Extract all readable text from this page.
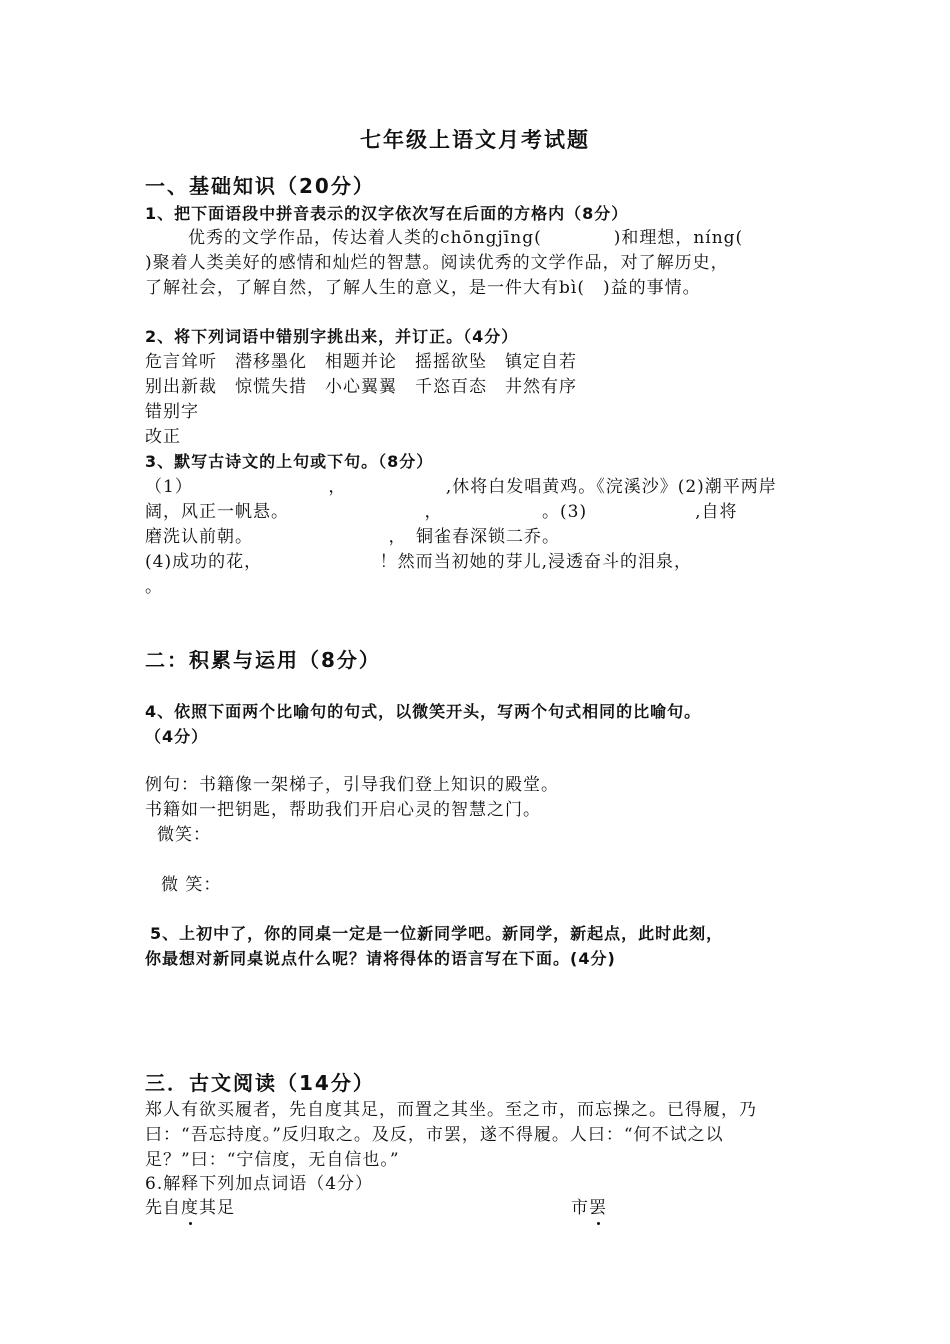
七年级上语文月考试题
一、基础知识（20分）
1、把下面语段中拼音表示的汉字依次写在后面的方格内（8分）
优秀的文学作品，传达着人类的chōngjīng(　　　　)和理想，níng(
)聚着人类美好的感情和灿烂的智慧。阅读优秀的文学作品，对了解历史，
了解社会，了解自然，了解人生的意义，是一件大有bì(　)益的事情。
2、将下列词语中错别字挑出来，并订正。（4分）
危言耸听　潜移墨化　相题并论　摇摇欲坠　镇定自若
别出新裁　惊慌失措　小心翼翼　千恣百态　井然有序
错别字
改正
3、默写古诗文的上句或下句。（8分）
（1）　　　　　　　　，　　　　　　,休将白发唱黄鸡。《浣溪沙》(2)潮平两岸
阔，风正一帆悬。　　　　　　　　，　　　　　　。(3)　　　　　　,自将
磨洗认前朝。　　　　　　　　，　铜雀春深锁二乔。
(4)成功的花，　　　　　　　！然而当初她的芽儿,浸透奋斗的泪泉，
。
二：积累与运用（8分）
4、依照下面两个比喻句的句式，以微笑开头，写两个句式相同的比喻句。
（4分）
例句：书籍像一架梯子，引导我们登上知识的殿堂。
书籍如一把钥匙，帮助我们开启心灵的智慧之门。
微笑：
微 笑：
5、上初中了，你的同桌一定是一位新同学吧。新同学，新起点，此时此刻，
你最想对新同桌说点什么呢？请将得体的语言写在下面。(4分)
三．古文阅读（14分）
郑人有欲买履者，先自度其足，而置之其坐。至之市，而忘操之。已得履，乃
曰：“吾忘持度。”反归取之。及反，市罢，遂不得履。人曰：“何不试之以
足？”曰：“宁信度，无自信也。”
6.解释下列加点词语（4分）
先自度其足	市罢
